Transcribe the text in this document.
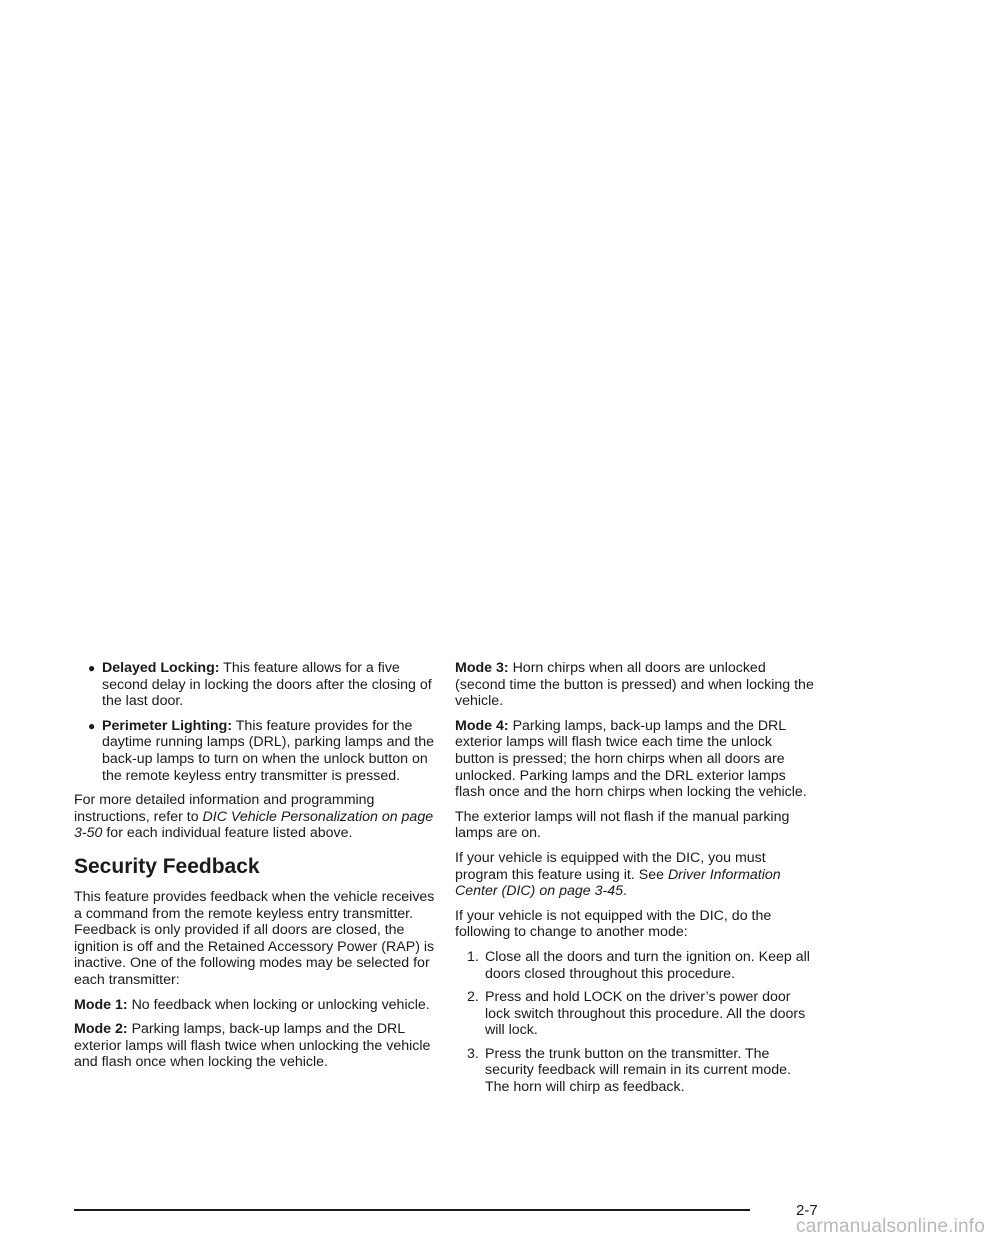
● Delayed Locking: This feature allows for a five second delay in locking the doors after the closing of the last door.
● Perimeter Lighting: This feature provides for the daytime running lamps (DRL), parking lamps and the back-up lamps to turn on when the unlock button on the remote keyless entry transmitter is pressed.

For more detailed information and programming instructions, refer to DIC Vehicle Personalization on page 3-50 for each individual feature listed above.

Security Feedback

This feature provides feedback when the vehicle receives a command from the remote keyless entry transmitter. Feedback is only provided if all doors are closed, the ignition is off and the Retained Accessory Power (RAP) is inactive. One of the following modes may be selected for each transmitter:

Mode 1: No feedback when locking or unlocking vehicle.

Mode 2: Parking lamps, back-up lamps and the DRL exterior lamps will flash twice when unlocking the vehicle and flash once when locking the vehicle.

Mode 3: Horn chirps when all doors are unlocked (second time the button is pressed) and when locking the vehicle.

Mode 4: Parking lamps, back-up lamps and the DRL exterior lamps will flash twice each time the unlock button is pressed; the horn chirps when all doors are unlocked. Parking lamps and the DRL exterior lamps flash once and the horn chirps when locking the vehicle.

The exterior lamps will not flash if the manual parking lamps are on.

If your vehicle is equipped with the DIC, you must program this feature using it. See Driver Information Center (DIC) on page 3-45.

If your vehicle is not equipped with the DIC, do the following to change to another mode:

1. Close all the doors and turn the ignition on. Keep all doors closed throughout this procedure.
2. Press and hold LOCK on the driver’s power door lock switch throughout this procedure. All the doors will lock.
3. Press the trunk button on the transmitter. The security feedback will remain in its current mode. The horn will chirp as feedback.
2-7
carmanualsonline.info
